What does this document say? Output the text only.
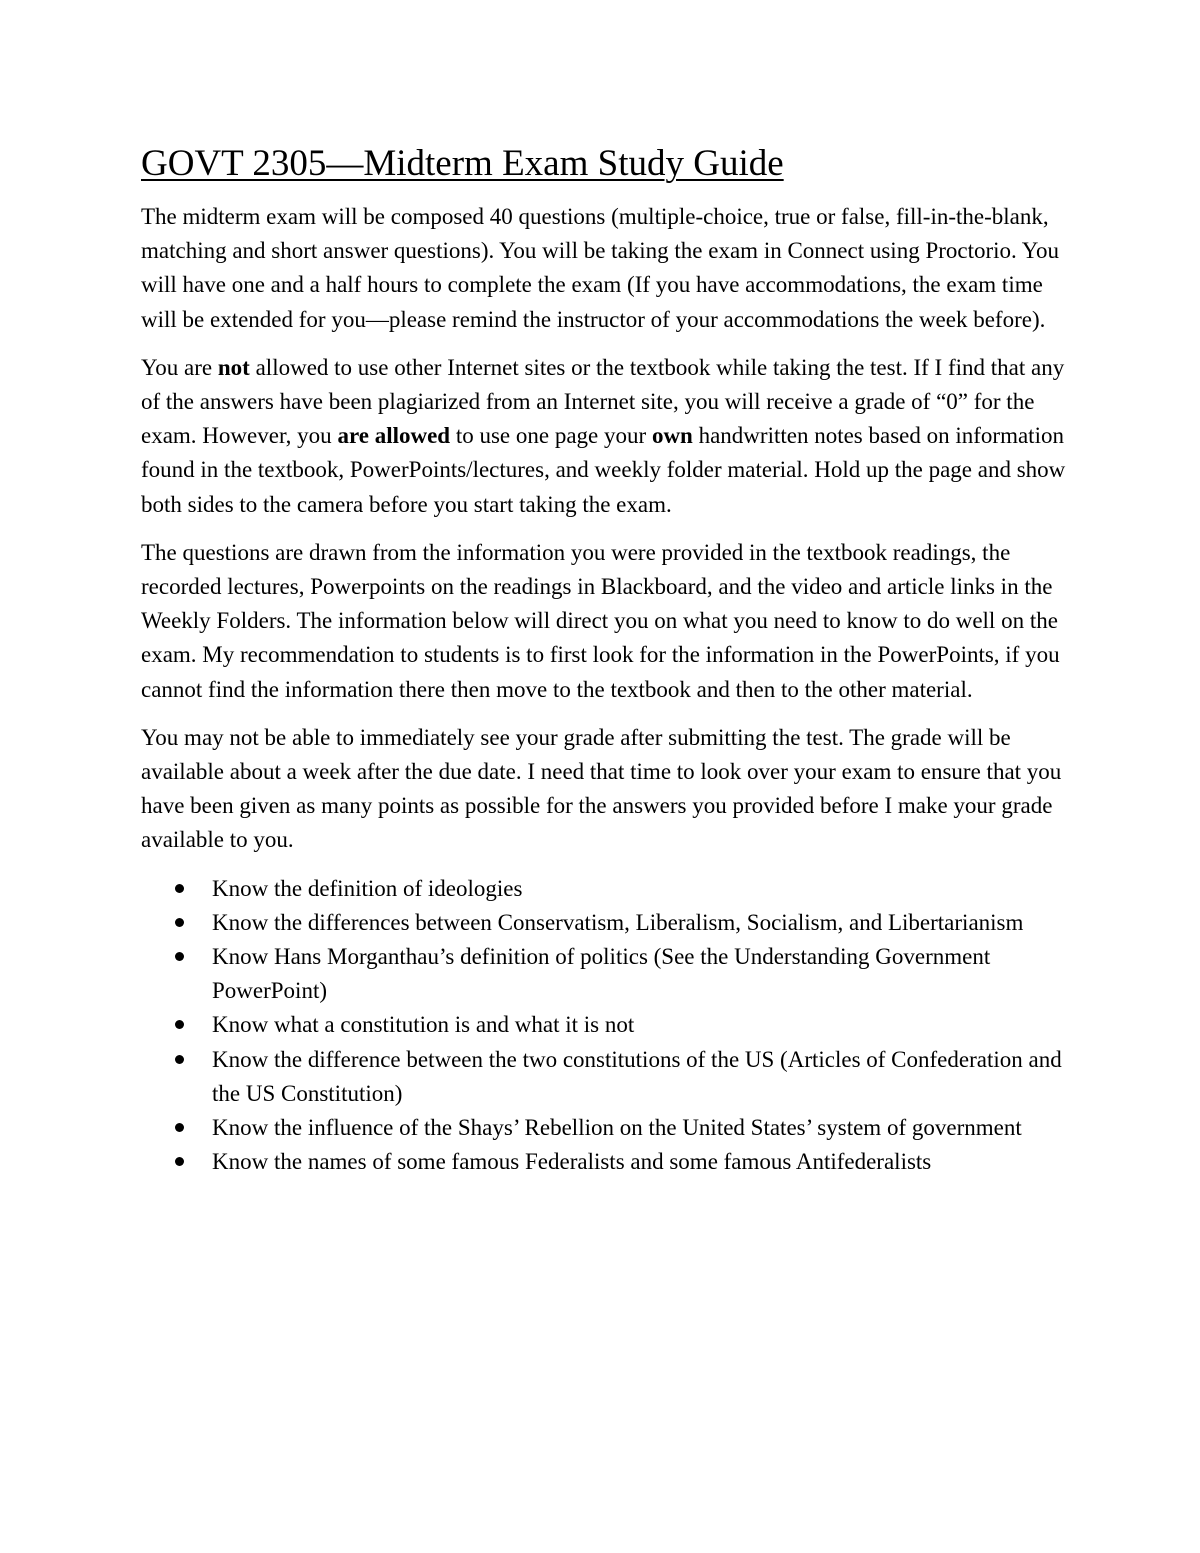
GOVT 2305—Midterm Exam Study Guide

The midterm exam will be composed 40 questions (multiple-choice, true or false, fill-in-the-blank, matching and short answer questions). You will be taking the exam in Connect using Proctorio. You will have one and a half hours to complete the exam (If you have accommodations, the exam time will be extended for you—please remind the instructor of your accommodations the week before).

You are not allowed to use other Internet sites or the textbook while taking the test. If I find that any of the answers have been plagiarized from an Internet site, you will receive a grade of “0” for the exam. However, you are allowed to use one page your own handwritten notes based on information found in the textbook, PowerPoints/lectures, and weekly folder material. Hold up the page and show both sides to the camera before you start taking the exam.

The questions are drawn from the information you were provided in the textbook readings, the recorded lectures, Powerpoints on the readings in Blackboard, and the video and article links in the Weekly Folders. The information below will direct you on what you need to know to do well on the exam. My recommendation to students is to first look for the information in the PowerPoints, if you cannot find the information there then move to the textbook and then to the other material.

You may not be able to immediately see your grade after submitting the test. The grade will be available about a week after the due date. I need that time to look over your exam to ensure that you have been given as many points as possible for the answers you provided before I make your grade available to you.

Know the definition of ideologies
Know the differences between Conservatism, Liberalism, Socialism, and Libertarianism
Know Hans Morganthau’s definition of politics (See the Understanding Government PowerPoint)
Know what a constitution is and what it is not
Know the difference between the two constitutions of the US (Articles of Confederation and the US Constitution)
Know the influence of the Shays’ Rebellion on the United States’ system of government
Know the names of some famous Federalists and some famous Antifederalists
